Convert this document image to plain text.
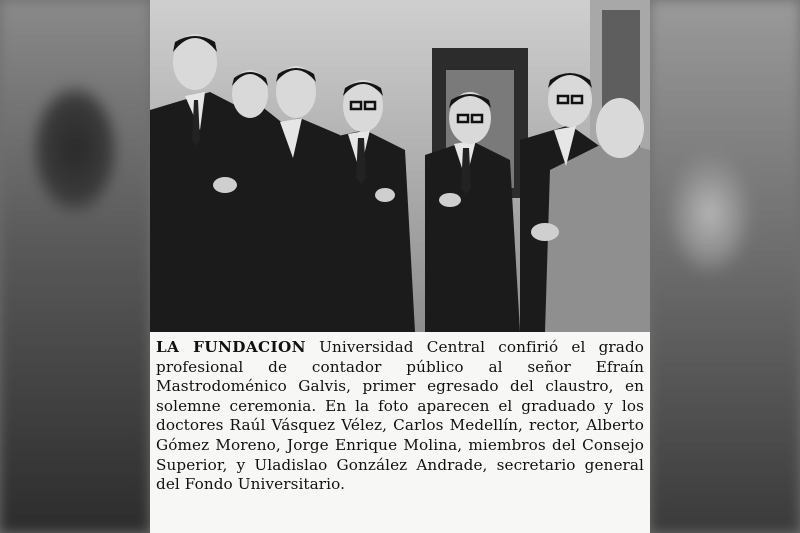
LA FUNDACION Universidad Central confirió el grado profesional de contador público al señor Efraín Mastrodoménico Galvis, primer egresado del claustro, en solemne ceremonia. En la foto aparecen el graduado y los doctores Raúl Vásquez Vélez, Carlos Medellín, rector, Alberto Gómez Moreno, Jorge Enrique Molina, miembros del Consejo Superior, y Uladislao González Andrade, secretario general del Fondo Universitario.
